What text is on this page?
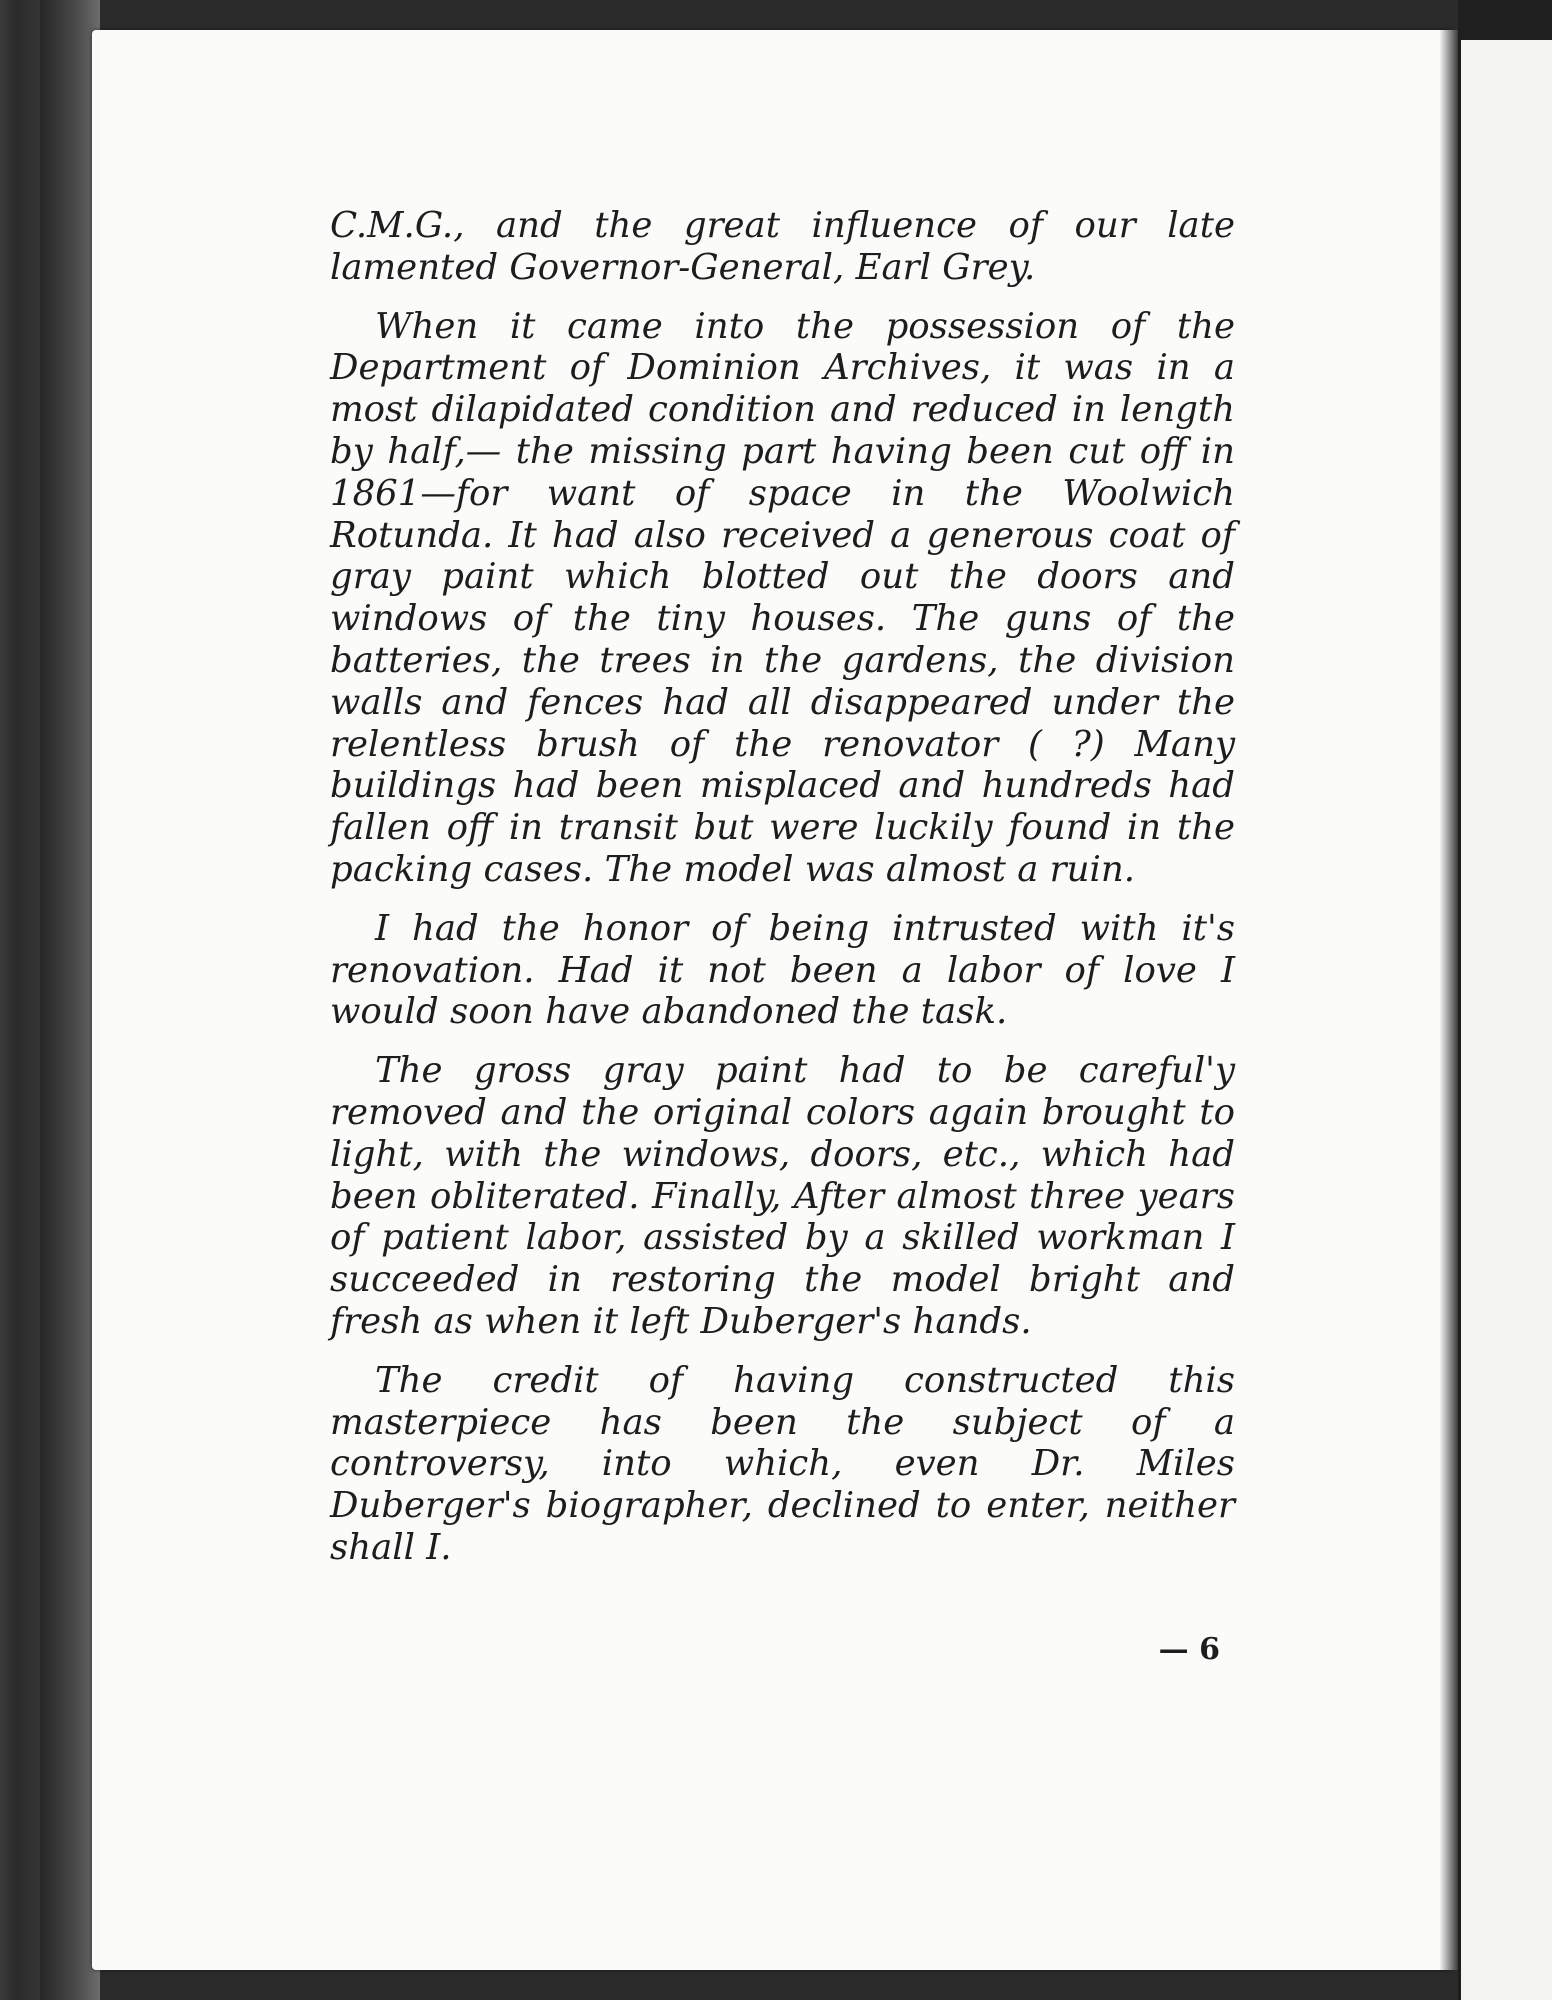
C.M.G., and the great influence of our late lamented Governor-General, Earl Grey.

When it came into the possession of the Department of Dominion Archives, it was in a most dilapidated condition and reduced in length by half,— the missing part having been cut off in 1861—for want of space in the Woolwich Rotunda. It had also received a generous coat of gray paint which blotted out the doors and windows of the tiny houses. The guns of the batteries, the trees in the gardens, the division walls and fences had all disappeared under the relentless brush of the renovator ( ?) Many buildings had been misplaced and hundreds had fallen off in transit but were luckily found in the packing cases. The model was almost a ruin.

I had the honor of being intrusted with it's renovation. Had it not been a labor of love I would soon have abandoned the task.

The gross gray paint had to be careful'y removed and the original colors again brought to light, with the windows, doors, etc., which had been obliterated. Finally, After almost three years of patient labor, assisted by a skilled workman I succeeded in restoring the model bright and fresh as when it left Duberger's hands.

The credit of having constructed this masterpiece has been the subject of a controversy, into which, even Dr. Miles Duberger's biographer, declined to enter, neither shall I.

— 6
